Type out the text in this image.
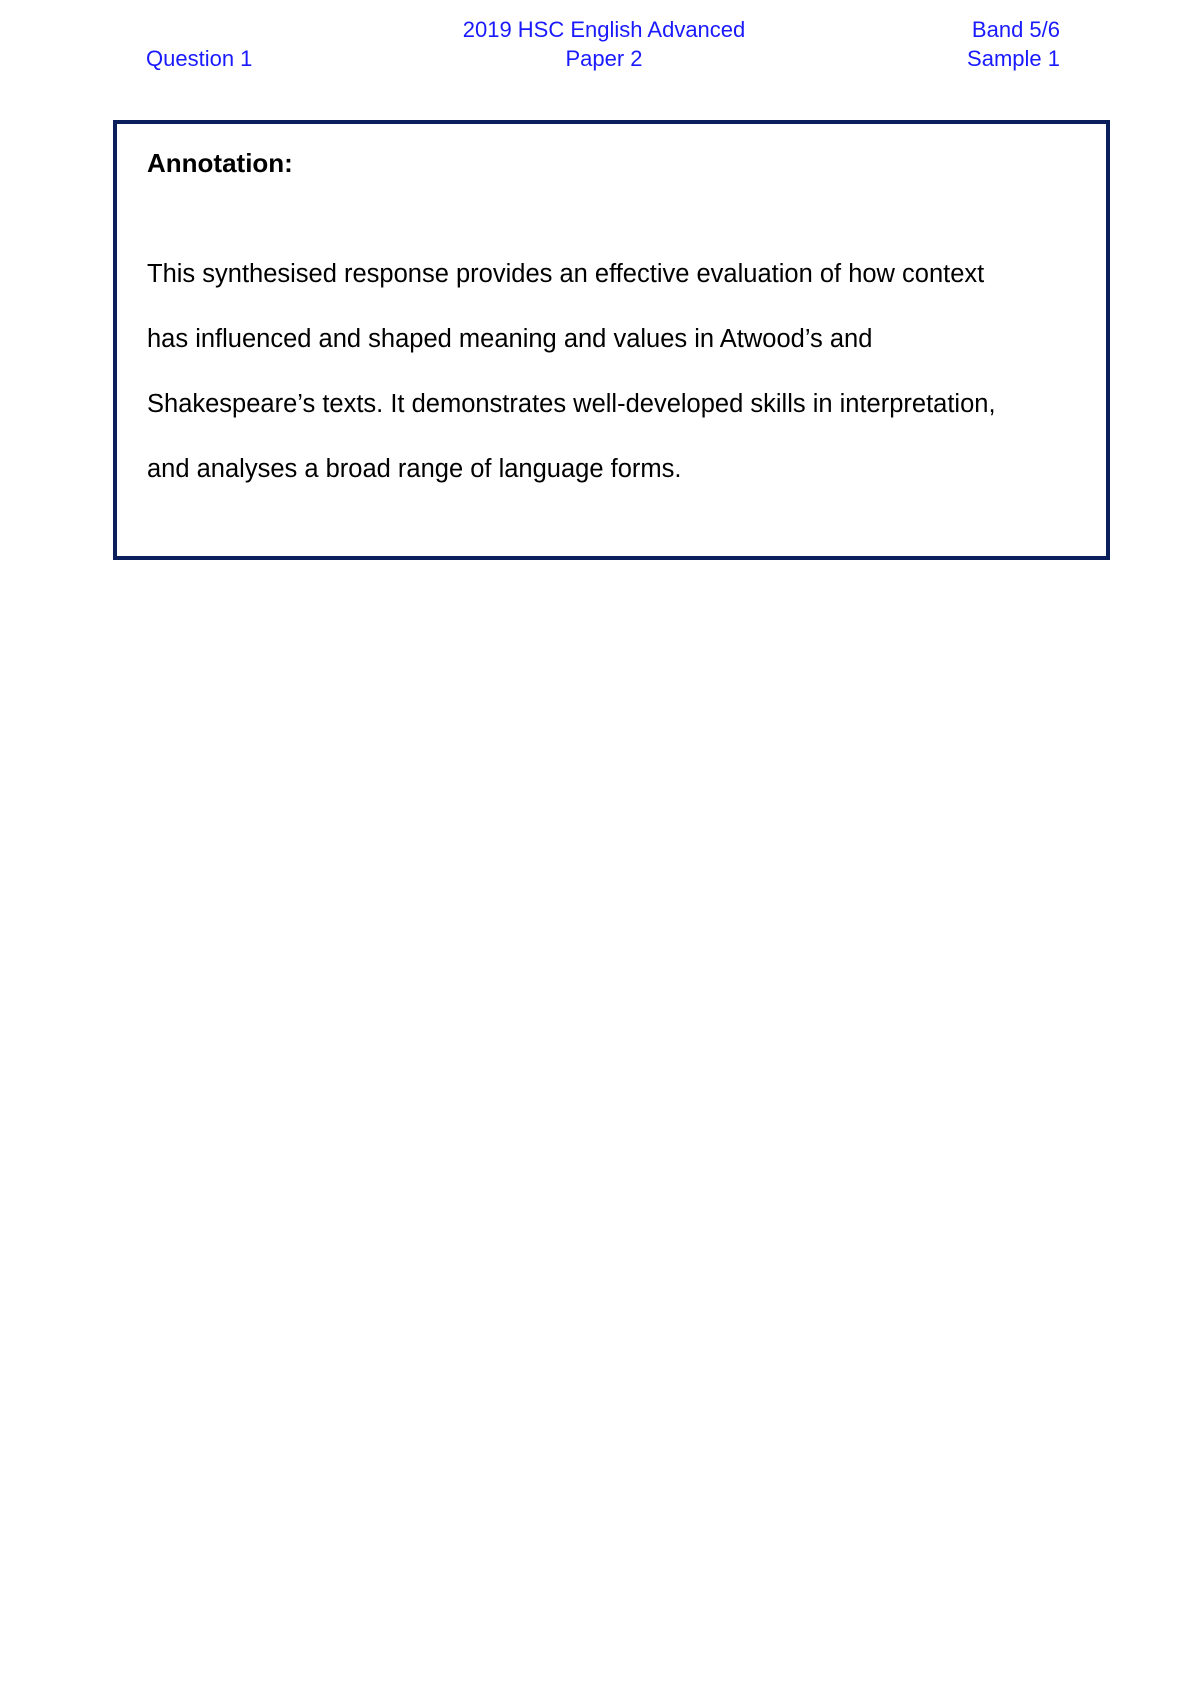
Question 1
2019 HSC English Advanced
Paper 2
Band 5/6
Sample 1
Annotation:

This synthesised response provides an effective evaluation of how context has influenced and shaped meaning and values in Atwood’s and Shakespeare’s texts. It demonstrates well-developed skills in interpretation, and analyses a broad range of language forms.
